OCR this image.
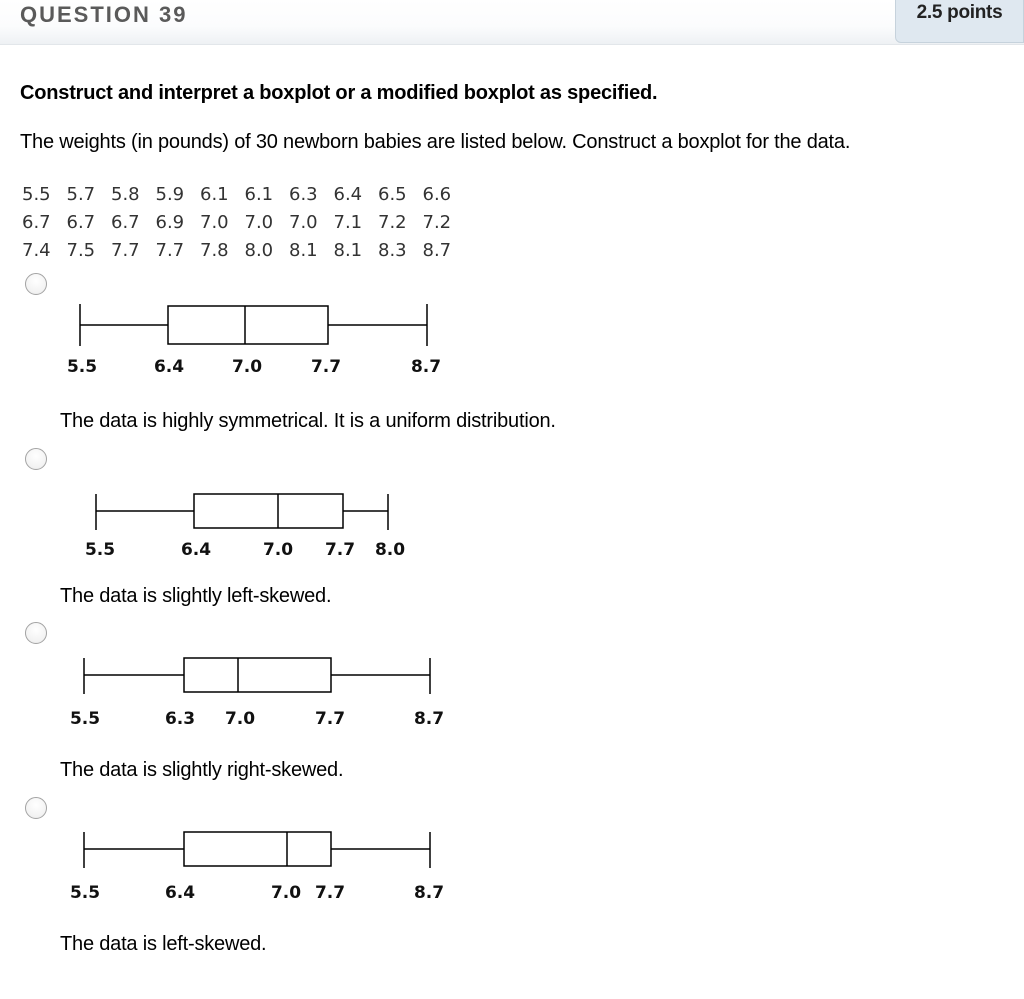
QUESTION 39	2.5 points
Construct and interpret a boxplot or a modified boxplot as specified.
The weights (in pounds) of 30 newborn babies are listed below. Construct a boxplot for the data.
5.5 5.7 5.8 5.9 6.1 6.1 6.3 6.4 6.5 6.6
6.7 6.7 6.7 6.9 7.0 7.0 7.0 7.1 7.2 7.2
7.4 7.5 7.7 7.7 7.8 8.0 8.1 8.1 8.3 8.7
5.5	6.4	7.0	7.7	8.7
The data is highly symmetrical. It is a uniform distribution.
5.5	6.4	7.0 7.7 8.0
The data is slightly left-skewed.
5.5	6.3 7.0	7.7	8.7
The data is slightly right-skewed.
5.5	6.4	7.0 7.7	8.7
The data is left-skewed.
